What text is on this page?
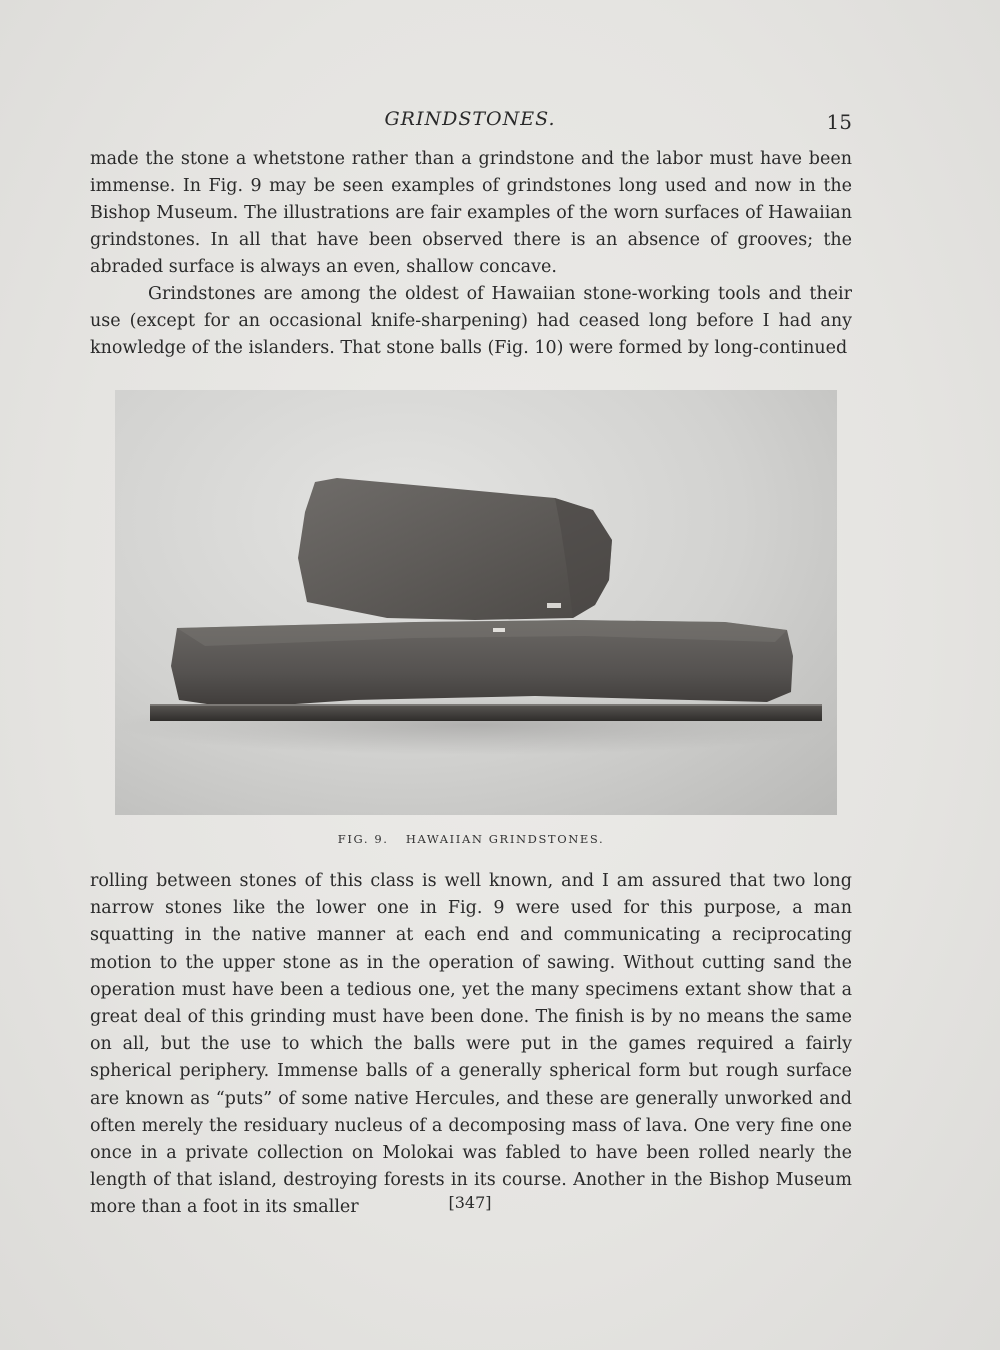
GRINDSTONES.	15

made the stone a whetstone rather than a grindstone and the labor must have been immense. In Fig. 9 may be seen examples of grindstones long used and now in the Bishop Museum. The illustrations are fair examples of the worn surfaces of Hawaiian grindstones. In all that have been observed there is an absence of grooves; the abraded surface is always an even, shallow concave.

Grindstones are among the oldest of Hawaiian stone-working tools and their use (except for an occasional knife-sharpening) had ceased long before I had any knowledge of the islanders. That stone balls (Fig. 10) were formed by long-continued

FIG. 9. HAWAIIAN GRINDSTONES.

rolling between stones of this class is well known, and I am assured that two long narrow stones like the lower one in Fig. 9 were used for this purpose, a man squatting in the native manner at each end and communicating a reciprocating motion to the upper stone as in the operation of sawing. Without cutting sand the operation must have been a tedious one, yet the many specimens extant show that a great deal of this grinding must have been done. The finish is by no means the same on all, but the use to which the balls were put in the games required a fairly spherical periphery. Immense balls of a generally spherical form but rough surface are known as “puts” of some native Hercules, and these are generally unworked and often merely the residuary nucleus of a decomposing mass of lava. One very fine one once in a private collection on Molokai was fabled to have been rolled nearly the length of that island, destroying forests in its course. Another in the Bishop Museum more than a foot in its smaller	[347]
